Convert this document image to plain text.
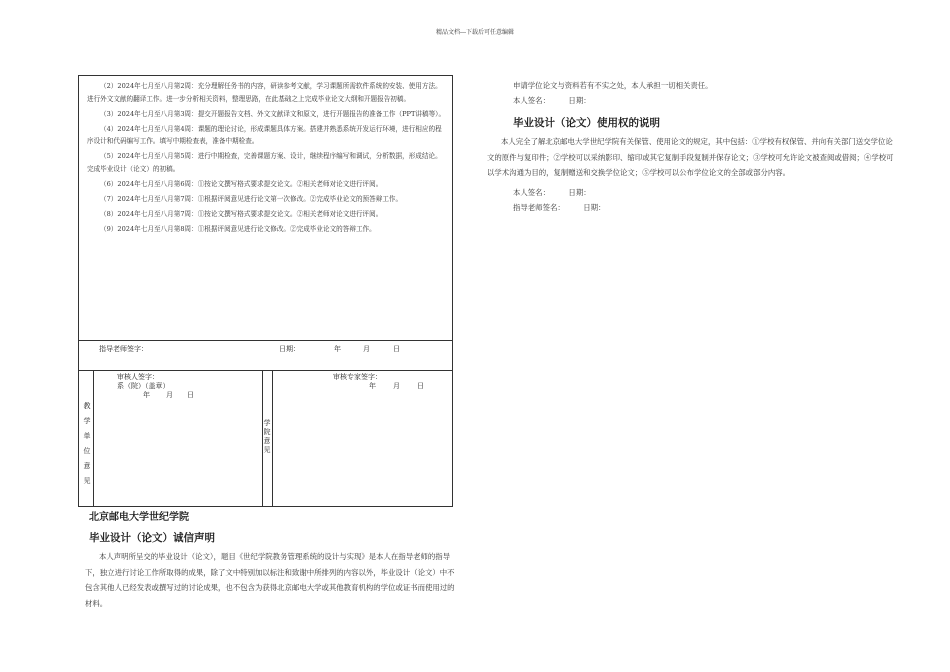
精品文档---下载后可任意编辑

（2）2024年七月至八月第2周：充分理解任务书的内容，研读参考文献，学习课题所需软件系统的安装、使用方法。进行外文文献的翻译工作。进一步分析相关资料，整理思路，在此基础之上完成毕业论文大纲和开题报告初稿。

（3）2024年七月至八月第3周：提交开题报告文档、外文文献译文和原文，进行开题报告的准备工作（PPT讲稿等）。

（4）2024年七月至八月第4周：课题的理论讨论，形成课题具体方案。搭建并熟悉系统开发运行环境，进行相应的程序设计和代码编写工作。填写中期检查表，准备中期检查。

（5）2024年七月至八月第5周：进行中期检查，完善课题方案、设计，继续程序编写和调试，分析数据，形成结论。完成毕业设计（论文）的初稿。

（6）2024年七月至八月第6周：①按论文撰写格式要求提交论文。②相关老师对论文进行评阅。

（7）2024年七月至八月第7周：①根据评阅意见进行论文第一次修改。②完成毕业论文的预答辩工作。

（8）2024年七月至八月第7周：①按论文撰写格式要求提交论文。②相关老师对论文进行评阅。

（9）2024年七月至八月第8周：①根据评阅意见进行论文修改。②完成毕业论文的答辩工作。

指导老师签字：	日期：	年	月	日
教学单位意见
审核人签字：
系（院）（盖章）
年 月 日
学院意见
审核专家签字：
年 月 日

北京邮电大学世纪学院

毕业设计（论文）诚信声明

本人声明所呈交的毕业设计（论文），题目《世纪学院教务管理系统的设计与实现》是本人在指导老师的指导下，独立进行讨论工作所取得的成果，除了文中特别加以标注和致谢中所排列的内容以外，毕业设计（论文）中不包含其他人已经发表或撰写过的讨论成果，也不包含为获得北京邮电大学或其他教育机构的学位或证书而使用过的材料。

申请学位论文与资料若有不实之处，本人承担一切相关责任。

本人签名：　　　日期：

毕业设计（论文）使用权的说明

本人完全了解北京邮电大学世纪学院有关保管、使用论文的规定，其中包括：①学校有权保管、并向有关部门送交学位论文的原件与复印件；②学校可以采纳影印、缩印或其它复制手段复制并保存论文；③学校可允许论文被查阅或借阅；④学校可以学术沟通为目的，复制赠送和交换学位论文；⑤学校可以公布学位论文的全部或部分内容。

本人签名：　　　日期：

指导老师签名：　　　日期：
